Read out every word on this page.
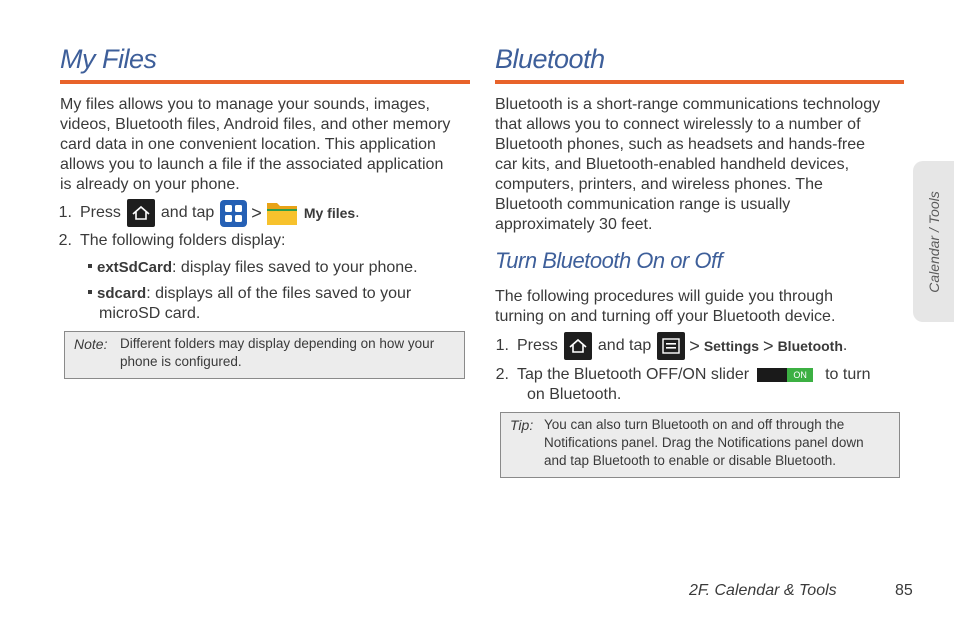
My Files
My files allows you to manage your sounds, images,
videos, Bluetooth files, Android files, and other memory
card data in one convenient location. This application
allows you to launch a file if the associated application
is already on your phone.
1. Press	and tap >	My files .
2. The following folders display:
extSdCard: display files saved to your phone.
sdcard: displays all of the files saved to your
microSD card.
Note: Different folders may display depending on how your
phone is configured.
Bluetooth
Bluetooth is a short-range communications technology
that allows you to connect wirelessly to a number of
Bluetooth phones, such as headsets and hands-free
car kits, and Bluetooth-enabled handheld devices,
computers, printers, and wireless phones. The
Bluetooth communication range is usually
approximately 30 feet.
Turn Bluetooth On or Off
The following procedures will guide you through
turning on and turning off your Bluetooth device.
1. Press	and tap > Settings > Bluetooth .
2. Tap the Bluetooth OFF/ON slider	ON	to turn
on Bluetooth.
Tip: You can also turn Bluetooth on and off through the
Notifications panel. Drag the Notifications panel down
and tap Bluetooth to enable or disable Bluetooth.
Calendar / Tools
2F. Calendar & Tools	85
